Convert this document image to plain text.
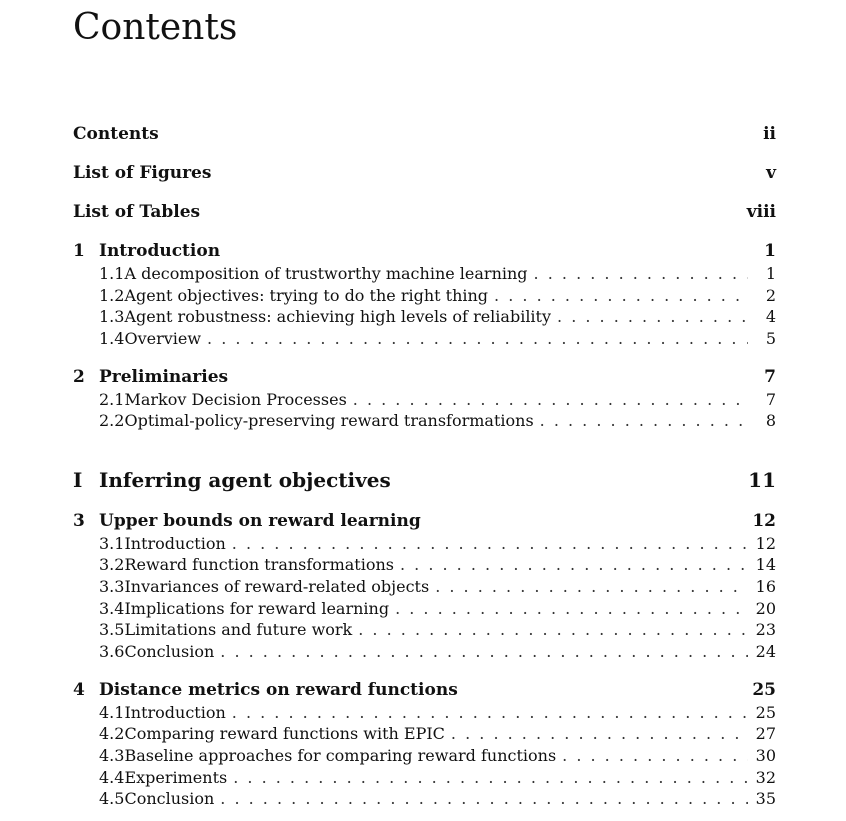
Contents
Contents	ii
List of Figures	v
List of Tables	viii
1 Introduction	1
1.1 A decomposition of trustworthy machine learning . . .	1
1.2 Agent objectives: trying to do the right thing . . .	2
1.3 Agent robustness: achieving high levels of reliability . . .	4
1.4 Overview . . .	5
2 Preliminaries	7
2.1 Markov Decision Processes . . .	7
2.2 Optimal-policy-preserving reward transformations . . .	8
I Inferring agent objectives	11
3 Upper bounds on reward learning	12
3.1 Introduction . . .	12
3.2 Reward function transformations . . .	14
3.3 Invariances of reward-related objects . . .	16
3.4 Implications for reward learning . . .	20
3.5 Limitations and future work . . .	23
3.6 Conclusion . . .	24
4 Distance metrics on reward functions	25
4.1 Introduction . . .	25
4.2 Comparing reward functions with EPIC . . .	27
4.3 Baseline approaches for comparing reward functions . . .	30
4.4 Experiments . . .	32
4.5 Conclusion . . .	35
